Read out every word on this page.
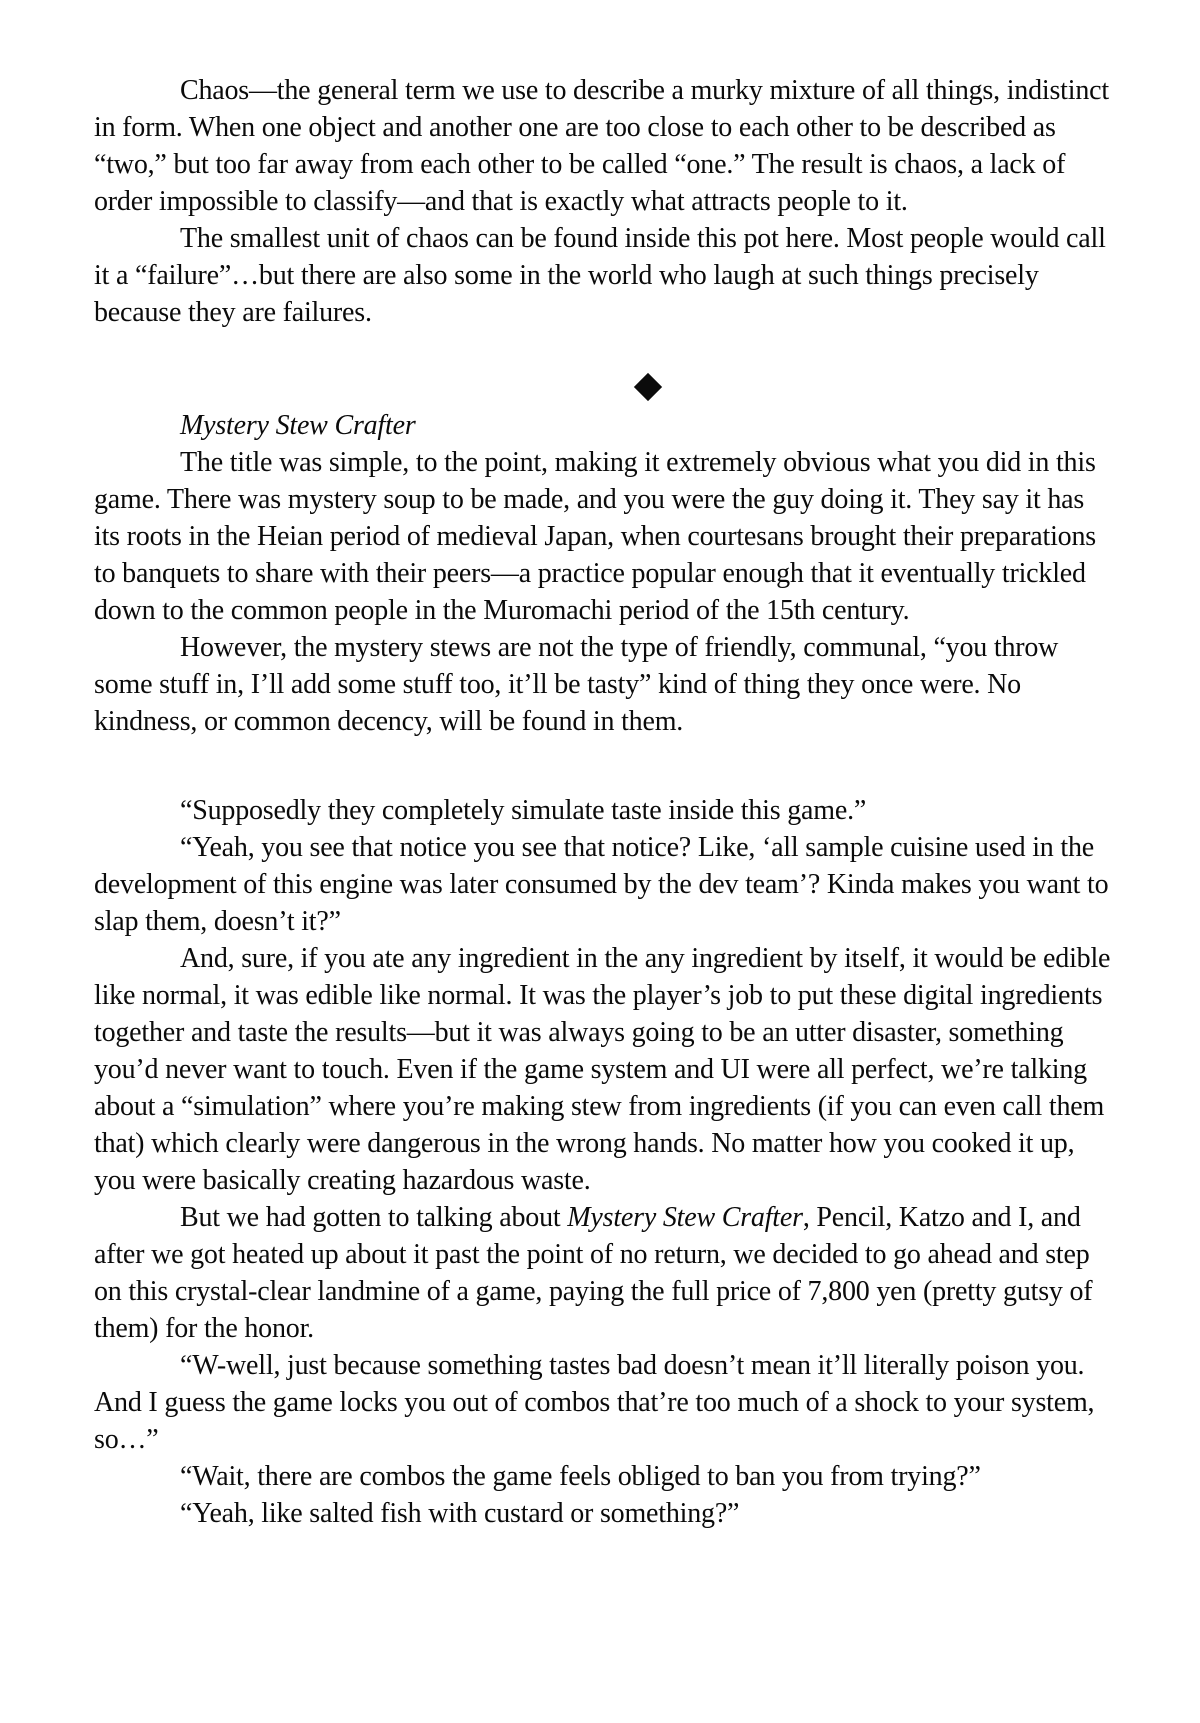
Chaos—the general term we use to describe a murky mixture of all things, indistinct in form. When one object and another one are too close to each other to be described as “two,” but too far away from each other to be called “one.” The result is chaos, a lack of order impossible to classify—and that is exactly what attracts people to it.

The smallest unit of chaos can be found inside this pot here. Most people would call it a “failure”…but there are also some in the world who laugh at such things precisely because they are failures.

Mystery Stew Crafter

The title was simple, to the point, making it extremely obvious what you did in this game. There was mystery soup to be made, and you were the guy doing it. They say it has its roots in the Heian period of medieval Japan, when courtesans brought their preparations to banquets to share with their peers—a practice popular enough that it eventually trickled down to the common people in the Muromachi period of the 15th century.

However, the mystery stews are not the type of friendly, communal, “you throw some stuff in, I’ll add some stuff too, it’ll be tasty” kind of thing they once were. No kindness, or common decency, will be found in them.

“Supposedly they completely simulate taste inside this game.”

“Yeah, you see that notice you see that notice? Like, ‘all sample cuisine used in the development of this engine was later consumed by the dev team’? Kinda makes you want to slap them, doesn’t it?”

And, sure, if you ate any ingredient in the any ingredient by itself, it would be edible like normal, it was edible like normal. It was the player’s job to put these digital ingredients together and taste the results—but it was always going to be an utter disaster, something you’d never want to touch. Even if the game system and UI were all perfect, we’re talking about a “simulation” where you’re making stew from ingredients (if you can even call them that) which clearly were dangerous in the wrong hands. No matter how you cooked it up, you were basically creating hazardous waste.

But we had gotten to talking about Mystery Stew Crafter, Pencil, Katzo and I, and after we got heated up about it past the point of no return, we decided to go ahead and step on this crystal-clear landmine of a game, paying the full price of 7,800 yen (pretty gutsy of them) for the honor.

“W-well, just because something tastes bad doesn’t mean it’ll literally poison you. And I guess the game locks you out of combos that’re too much of a shock to your system, so…”

“Wait, there are combos the game feels obliged to ban you from trying?”

“Yeah, like salted fish with custard or something?”
